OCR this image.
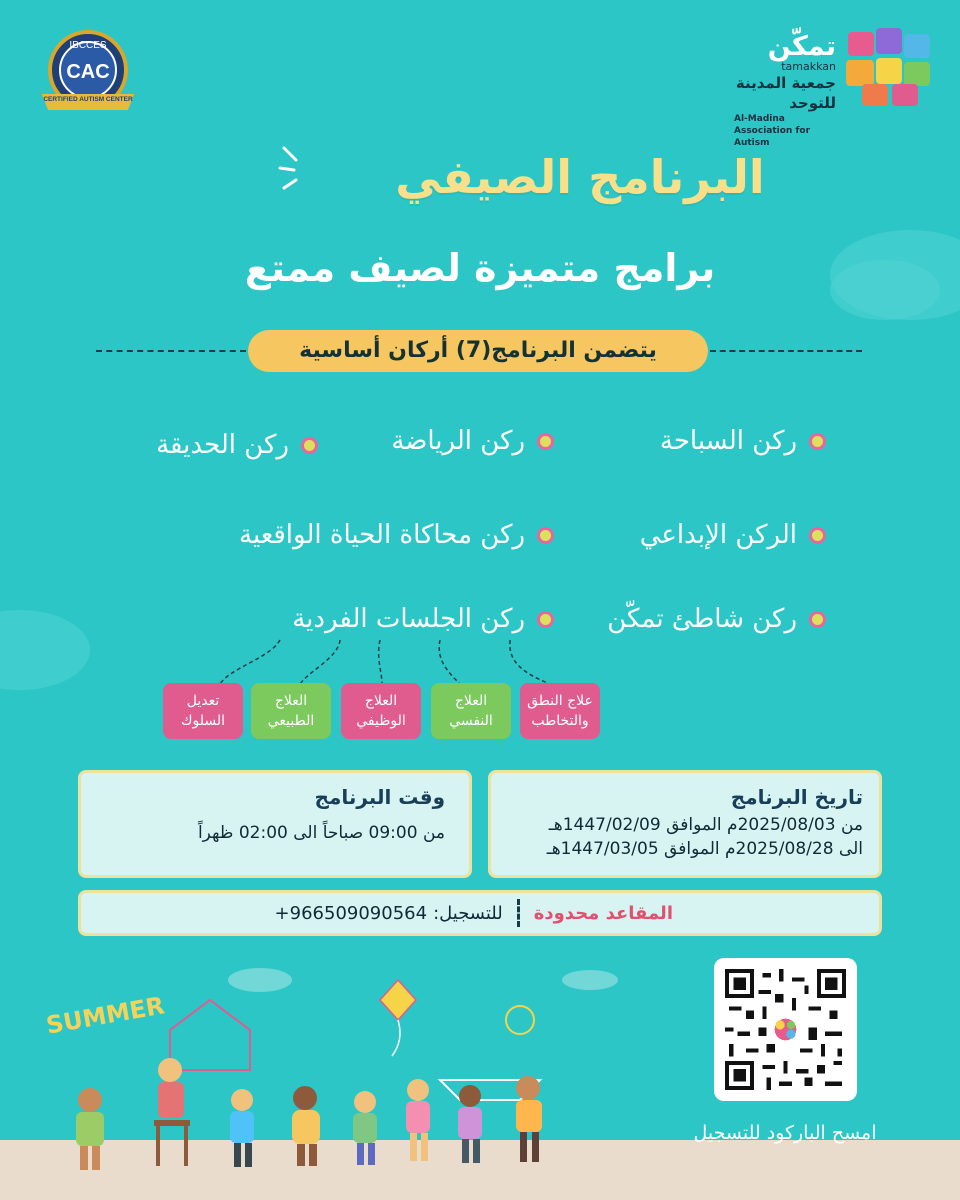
IBCCES
CAC
CERTIFIED AUTISM CENTER
تمكّن
tamakkan
جمعية المدينة للتوحد
Al-Madina Association for Autism
البرنامج الصيفي
برامج متميزة لصيف ممتع
يتضمن البرنامج(7) أركان أساسية
ركن السباحة
ركن الرياضة
ركن الحديقة
الركن الإبداعي
ركن محاكاة الحياة الواقعية
ركن شاطئ تمكّن
ركن الجلسات الفردية
علاج النطق والتخاطب
العلاج النفسي
العلاج الوظيفي
العلاج الطبيعي
تعديل السلوك
تاريخ البرنامج
من 2025/08/03م الموافق 1447/02/09هـ
الى 2025/08/28م الموافق 1447/03/05هـ
وقت البرنامج
من 09:00 صباحاً الى 02:00 ظهراً
المقاعد محدودة
للتسجيل:
+966509090564
SUMMER
امسح الباركود للتسجيل
